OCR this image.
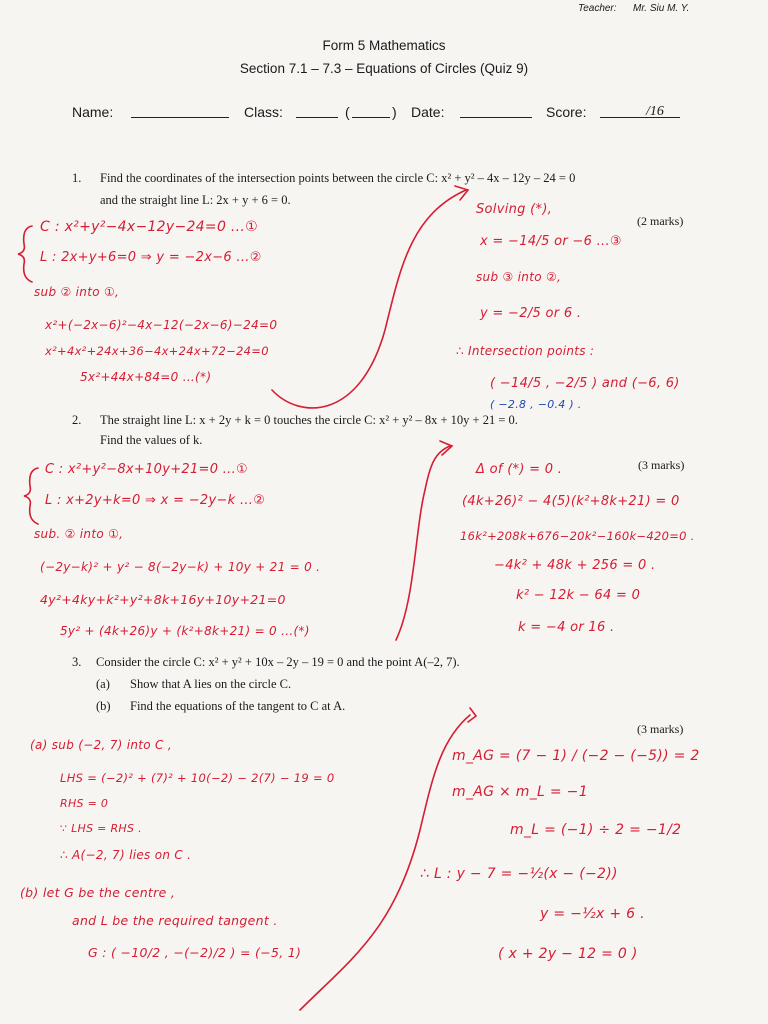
Teacher: Mr. Siu M. Y.
Form 5 Mathematics
Section 7.1 – 7.3 – Equations of Circles (Quiz 9)
Name:	Class:	(	) Date:	Score:	/16
1. Find the coordinates of the intersection points between the circle C: x² + y² – 4x – 12y – 24 = 0
and the straight line L: 2x + y + 6 = 0.
(2 marks)
C : x²+y²−4x−12y−24=0 ...①
L : 2x+y+6=0 ⇒ y = −2x−6 ...②
sub ② into ①,
x²+(−2x−6)²−4x−12(−2x−6)−24=0
x²+4x²+24x+36−4x+24x+72−24=0
5x²+44x+84=0 ...(*)
Solving (*),
x = −14/5 or −6 ...③
sub ③ into ②,
y = −2/5 or 6 .
∴ Intersection points :
( −14/5 , −2/5 ) and (−6, 6)
( −2.8 , −0.4 ) .
2. The straight line L: x + 2y + k = 0 touches the circle C: x² + y² – 8x + 10y + 21 = 0.
Find the values of k.
(3 marks)
C : x²+y²−8x+10y+21=0 ...①
L : x+2y+k=0 ⇒ x = −2y−k ...②
sub. ② into ①,
(−2y−k)² + y² − 8(−2y−k) + 10y + 21 = 0 .
4y²+4ky+k²+y²+8k+16y+10y+21=0
5y² + (4k+26)y + (k²+8k+21) = 0 ...(*)
Δ of (*) = 0 .
(4k+26)² − 4(5)(k²+8k+21) = 0
16k²+208k+676−20k²−160k−420=0 .
−4k² + 48k + 256 = 0 .
k² − 12k − 64 = 0
k = −4 or 16 .
3. Consider the circle C: x² + y² + 10x – 2y – 19 = 0 and the point A(–2, 7).
(a) Show that A lies on the circle C.
(b) Find the equations of the tangent to C at A.
(3 marks)
(a) sub (−2, 7) into C ,
LHS = (−2)² + (7)² + 10(−2) − 2(7) − 19 = 0
RHS = 0
∵ LHS = RHS .
∴ A(−2, 7) lies on C .
(b) let G be the centre ,
and L be the required tangent .
G : ( −10/2 , −(−2)/2 ) = (−5, 1)
m_AG = (7 − 1) / (−2 − (−5)) = 2
m_AG × m_L = −1
m_L = (−1) ÷ 2 = −1/2
∴ L : y − 7 = −½(x − (−2))
y = −½x + 6 .
( x + 2y − 12 = 0 )
